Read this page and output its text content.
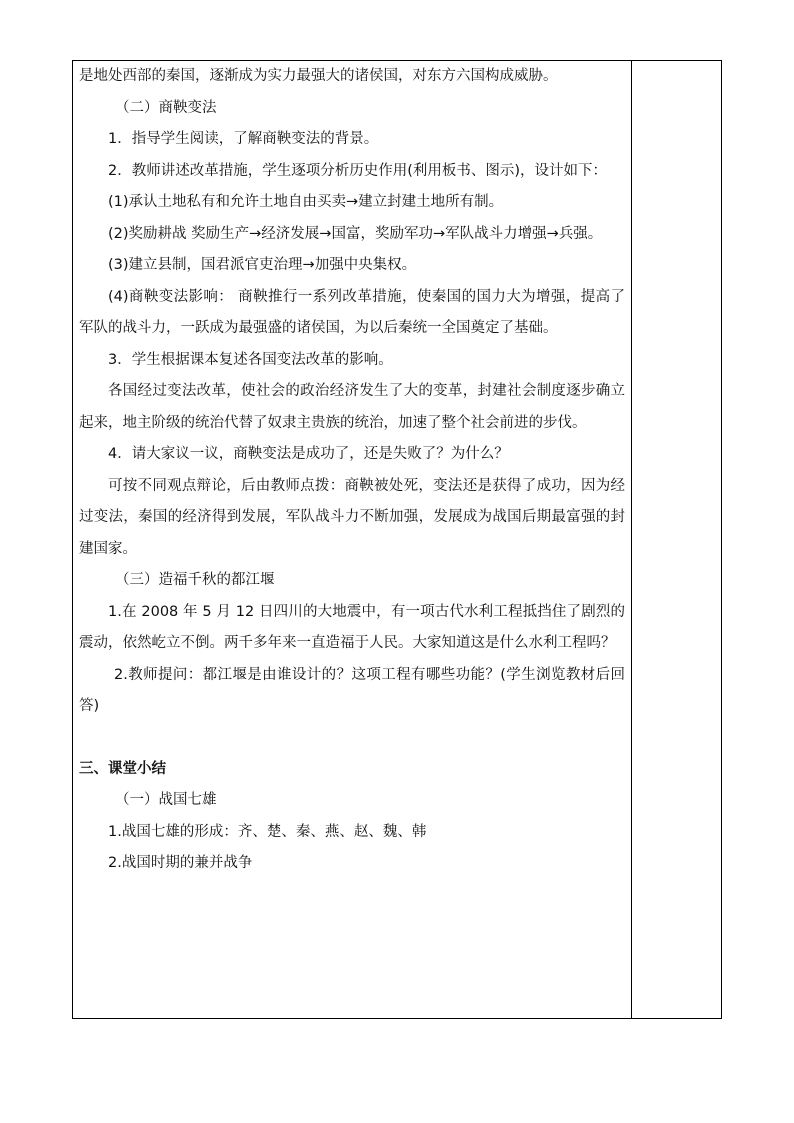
是地处西部的秦国，逐渐成为实力最强大的诸侯国，对东方六国构成威胁。

（二）商鞅变法

1．指导学生阅读，了解商鞅变法的背景。

2．教师讲述改革措施，学生逐项分析历史作用(利用板书、图示)，设计如下：

(1)承认土地私有和允许土地自由买卖→建立封建土地所有制。

(2)奖励耕战 奖励生产→经济发展→国富，奖励军功→军队战斗力增强→兵强。

(3)建立县制，国君派官吏治理→加强中央集权。

(4)商鞅变法影响： 商鞅推行一系列改革措施，使秦国的国力大为增强，提高了军队的战斗力，一跃成为最强盛的诸侯国，为以后秦统一全国奠定了基础。

3．学生根据课本复述各国变法改革的影响。

各国经过变法改革，使社会的政治经济发生了大的变革，封建社会制度逐步确立起来，地主阶级的统治代替了奴隶主贵族的统治，加速了整个社会前进的步伐。

4．请大家议一议，商鞅变法是成功了，还是失败了？为什么？

可按不同观点辩论，后由教师点拨：商鞅被处死，变法还是获得了成功，因为经过变法，秦国的经济得到发展，军队战斗力不断加强，发展成为战国后期最富强的封建国家。

（三）造福千秋的都江堰

1.在 2008 年 5 月 12 日四川的大地震中，有一项古代水利工程抵挡住了剧烈的震动，依然屹立不倒。两千多年来一直造福于人民。大家知道这是什么水利工程吗？

2.教师提问：都江堰是由谁设计的？这项工程有哪些功能？(学生浏览教材后回答)

三、课堂小结

（一）战国七雄

1.战国七雄的形成：齐、楚、秦、燕、赵、魏、韩

2.战国时期的兼并战争
